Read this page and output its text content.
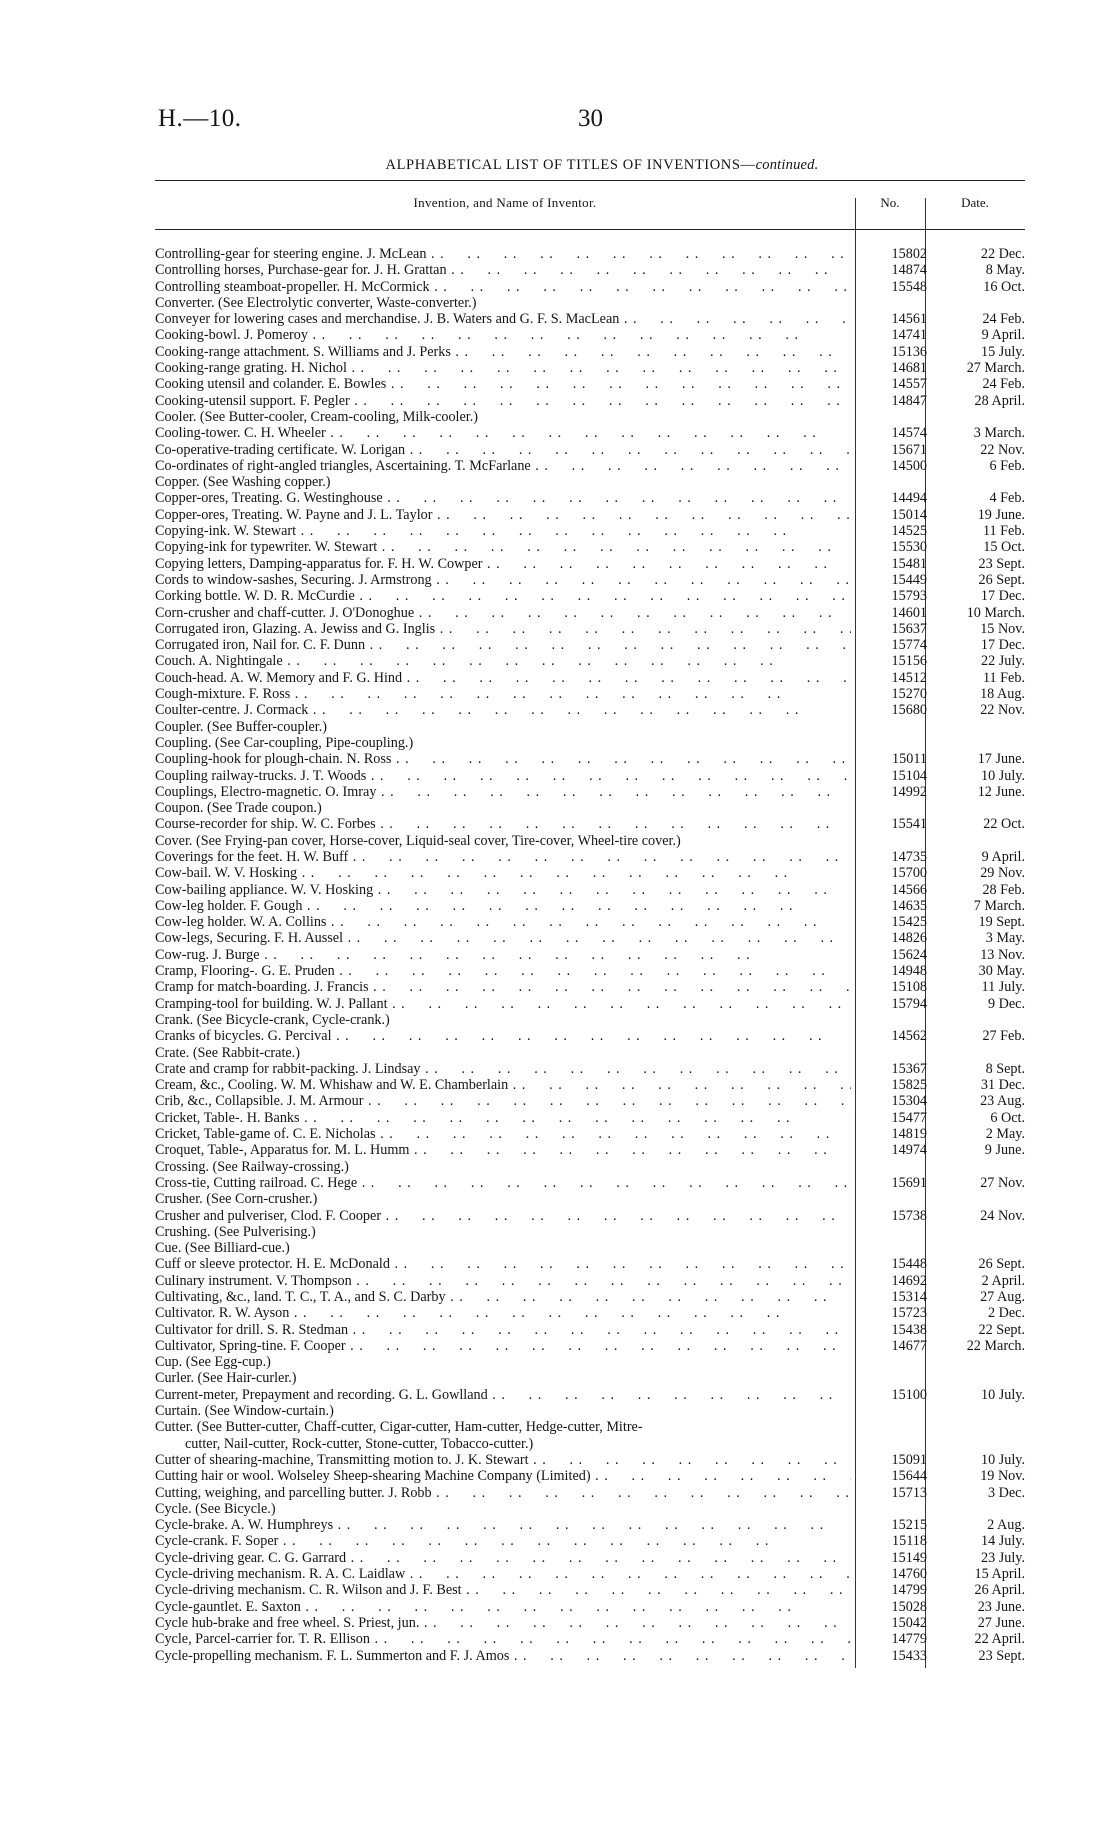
H.—10.	30
ALPHABETICAL LIST OF TITLES OF INVENTIONS—continued.
Invention, and Name of Inventor.	No.	Date.
Controlling-gear for steering engine. J. McLean . .	15802	22 Dec.
Controlling horses, Purchase-gear for. J. H. Grattan . .	14874	8 May.
Controlling steamboat-propeller. H. McCormick . .	15548	16 Oct.
Converter. (See Electrolytic converter, Waste-converter.)
Conveyer for lowering cases and merchandise. J. B. Waters and G. F. S. MacLean . .	14561	24 Feb.
Cooking-bowl. J. Pomeroy . .	14741	9 April.
Cooking-range attachment. S. Williams and J. Perks . .	15136	15 July.
Cooking-range grating. H. Nichol . .	14681	27 March.
Cooking utensil and colander. E. Bowles . .	14557	24 Feb.
Cooking-utensil support. F. Pegler . .	14847	28 April.
Cooler. (See Butter-cooler, Cream-cooling, Milk-cooler.)
Cooling-tower. C. H. Wheeler . .	14574	3 March.
Co-operative-trading certificate. W. Lorigan . .	15671	22 Nov.
Co-ordinates of right-angled triangles, Ascertaining. T. McFarlane . .	14500	6 Feb.
Copper. (See Washing copper.)
Copper-ores, Treating. G. Westinghouse . .	14494	4 Feb.
Copper-ores, Treating. W. Payne and J. L. Taylor . .	15014	19 June.
Copying-ink. W. Stewart . .	14525	11 Feb.
Copying-ink for typewriter. W. Stewart . .	15530	15 Oct.
Copying letters, Damping-apparatus for. F. H. W. Cowper . .	15481	23 Sept.
Cords to window-sashes, Securing. J. Armstrong . .	15449	26 Sept.
Corking bottle. W. D. R. McCurdie . .	15793	17 Dec.
Corn-crusher and chaff-cutter. J. O'Donoghue . .	14601	10 March.
Corrugated iron, Glazing. A. Jewiss and G. Inglis . .	15637	15 Nov.
Corrugated iron, Nail for. C. F. Dunn . .	15774	17 Dec.
Couch. A. Nightingale . .	15156	22 July.
Couch-head. A. W. Memory and F. G. Hind . .	14512	11 Feb.
Cough-mixture. F. Ross . .	15270	18 Aug.
Coulter-centre. J. Cormack . .	15680	22 Nov.
Coupler. (See Buffer-coupler.)
Coupling. (See Car-coupling, Pipe-coupling.)
Coupling-hook for plough-chain. N. Ross . .	15011	17 June.
Coupling railway-trucks. J. T. Woods . .	15104	10 July.
Couplings, Electro-magnetic. O. Imray . .	14992	12 June.
Coupon. (See Trade coupon.)
Course-recorder for ship. W. C. Forbes . .	15541	22 Oct.
Cover. (See Frying-pan cover, Horse-cover, Liquid-seal cover, Tire-cover, Wheel-tire cover.)
Coverings for the feet. H. W. Buff . .	14735	9 April.
Cow-bail. W. V. Hosking . .	15700	29 Nov.
Cow-bailing appliance. W. V. Hosking . .	14566	28 Feb.
Cow-leg holder. F. Gough . .	14635	7 March.
Cow-leg holder. W. A. Collins . .	15425	19 Sept.
Cow-legs, Securing. F. H. Aussel . .	14826	3 May.
Cow-rug. J. Burge . .	15624	13 Nov.
Cramp, Flooring-. G. E. Pruden . .	14948	30 May.
Cramp for match-boarding. J. Francis . .	15108	11 July.
Cramping-tool for building. W. J. Pallant . .	15794	9 Dec.
Crank. (See Bicycle-crank, Cycle-crank.)
Cranks of bicycles. G. Percival . .	14562	27 Feb.
Crate. (See Rabbit-crate.)
Crate and cramp for rabbit-packing. J. Lindsay . .	15367	8 Sept.
Cream, &c., Cooling. W. M. Whishaw and W. E. Chamberlain . .	15825	31 Dec.
Crib, &c., Collapsible. J. M. Armour . .	15304	23 Aug.
Cricket, Table-. H. Banks . .	15477	6 Oct.
Cricket, Table-game of. C. E. Nicholas . .	14819	2 May.
Croquet, Table-, Apparatus for. M. L. Humm . .	14974	9 June.
Crossing. (See Railway-crossing.)
Cross-tie, Cutting railroad. C. Hege . .	15691	27 Nov.
Crusher. (See Corn-crusher.)
Crusher and pulveriser, Clod. F. Cooper . .	15738	24 Nov.
Crushing. (See Pulverising.)
Cue. (See Billiard-cue.)
Cuff or sleeve protector. H. E. McDonald . .	15448	26 Sept.
Culinary instrument. V. Thompson . .	14692	2 April.
Cultivating, &c., land. T. C., T. A., and S. C. Darby . .	15314	27 Aug.
Cultivator. R. W. Ayson . .	15723	2 Dec.
Cultivator for drill. S. R. Stedman . .	15438	22 Sept.
Cultivator, Spring-tine. F. Cooper . .	14677	22 March.
Cup. (See Egg-cup.)
Curler. (See Hair-curler.)
Current-meter, Prepayment and recording. G. L. Gowlland . .	15100	10 July.
Curtain. (See Window-curtain.)
Cutter. (See Butter-cutter, Chaff-cutter, Cigar-cutter, Ham-cutter, Hedge-cutter, Mitre-
cutter, Nail-cutter, Rock-cutter, Stone-cutter, Tobacco-cutter.)
Cutter of shearing-machine, Transmitting motion to. J. K. Stewart . .	15091	10 July.
Cutting hair or wool. Wolseley Sheep-shearing Machine Company (Limited) . .	15644	19 Nov.
Cutting, weighing, and parcelling butter. J. Robb . .	15713	3 Dec.
Cycle. (See Bicycle.)
Cycle-brake. A. W. Humphreys . .	15215	2 Aug.
Cycle-crank. F. Soper . .	15118	14 July.
Cycle-driving gear. C. G. Garrard . .	15149	23 July.
Cycle-driving mechanism. R. A. C. Laidlaw . .	14760	15 April.
Cycle-driving mechanism. C. R. Wilson and J. F. Best . .	14799	26 April.
Cycle-gauntlet. E. Saxton . .	15028	23 June.
Cycle hub-brake and free wheel. S. Priest, jun. . .	15042	27 June.
Cycle, Parcel-carrier for. T. R. Ellison . .	14779	22 April.
Cycle-propelling mechanism. F. L. Summerton and F. J. Amos . .	15433	23 Sept.
